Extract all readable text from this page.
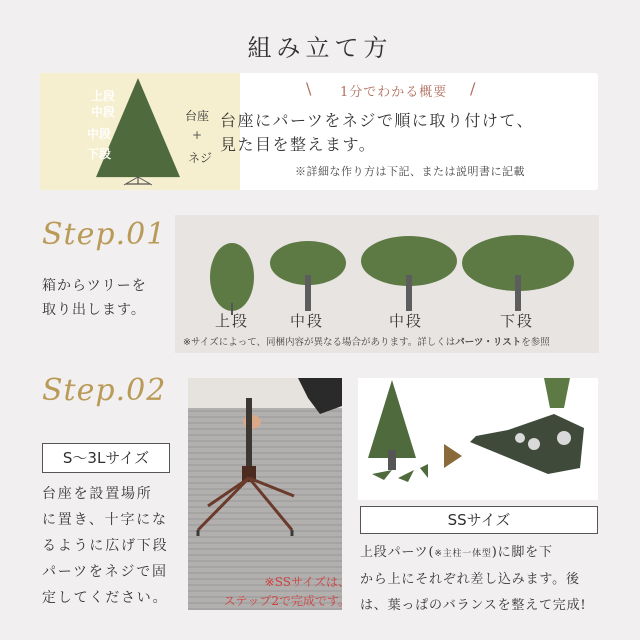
組み立て方
上段
中段
中段
下段
台座
+
ネジ
\ 1分でわかる概要 /
台座にパーツをネジで順に取り付けて、
見た目を整えます。
※詳細な作り方は下記、または説明書に記載
Step.01
箱からツリーを
取り出します。
上段	中段	中段	下段
※サイズによって、同梱内容が異なる場合があります。詳しくはパーツ・リストを参照
Step.02
S〜3Lサイズ
台座を設置場所
に置き、十字にな
るように広げ下段
パーツをネジで固
定してください。
※SSサイズは、
ステップ2で完成です。
SSサイズ
上段パーツ(※主柱一体型)に脚を下
から上にそれぞれ差し込みます。後
は、葉っぱのバランスを整えて完成!
